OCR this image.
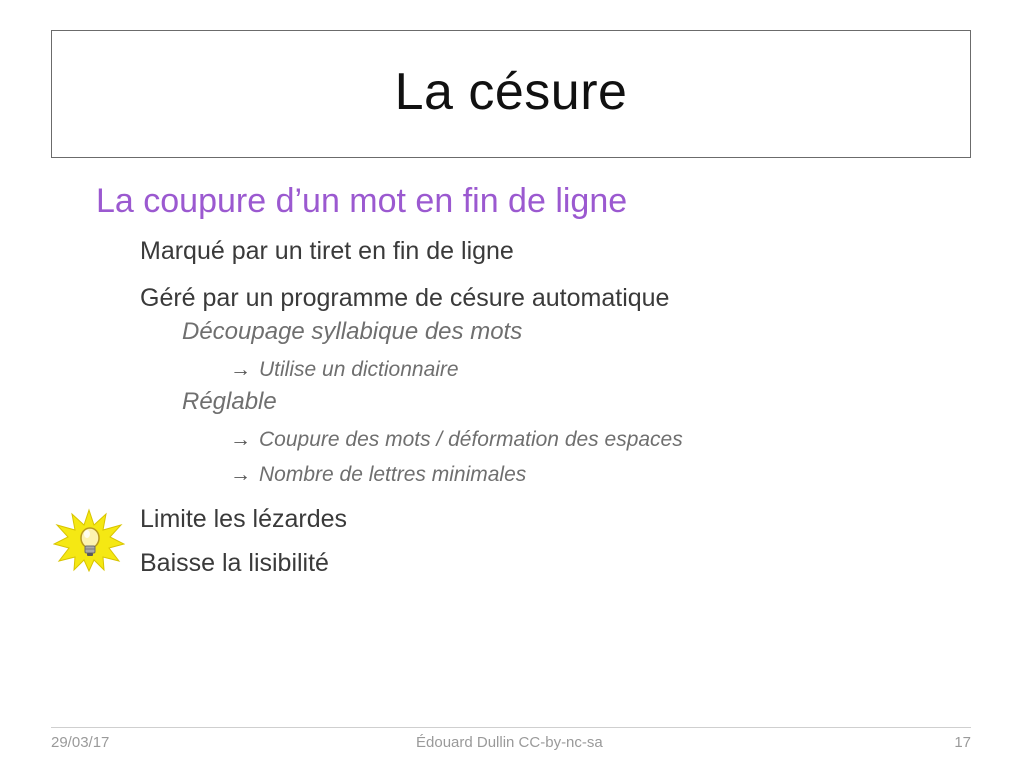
La césure
La coupure d’un mot en fin de ligne
Marqué par un tiret en fin de ligne
Géré par un programme de césure automatique
Découpage syllabique des mots
→ Utilise un dictionnaire
Réglable
→ Coupure des mots / déformation des espaces
→ Nombre de lettres minimales
Limite les lézardes
Baisse la lisibilité
29/03/17	Édouard Dullin CC-by-nc-sa	17
